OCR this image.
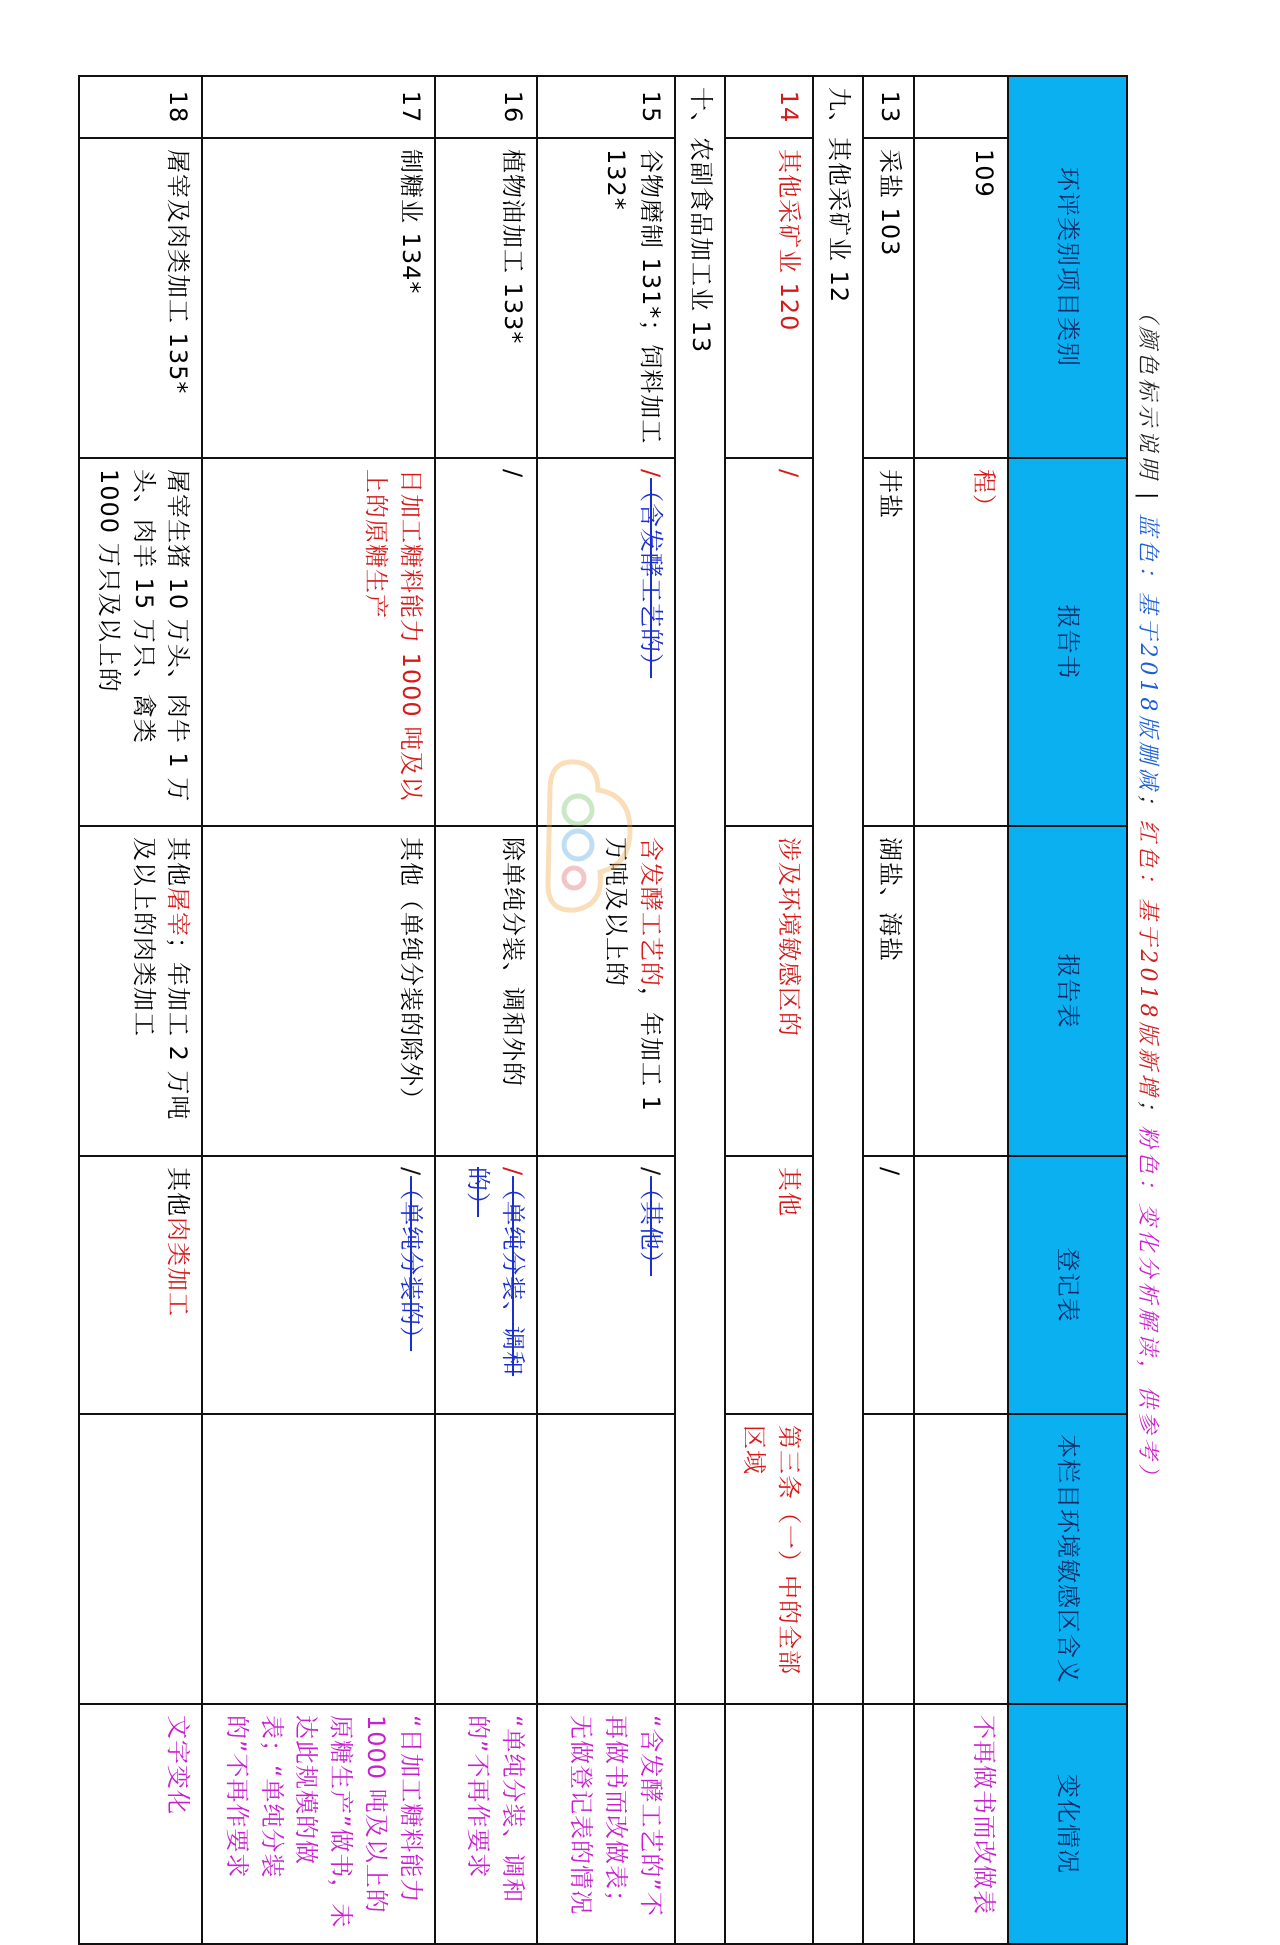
（颜色标示说明|蓝色：基于2018版删减；红色：基于2018版新增；粉色：变化分析解读，供参考）
环评类别项目类别		报告书	报告表	登记表	本栏目环境敏感区含义	变化情况
	109	程）				不再做书而改做表
13	采盐 103	井盐	湖盐、海盐	/		
九、其他采矿业 12						
14	其他采矿业 120	/	涉及环境敏感区的	其他	第三条（一）中的全部区域	
十、农副食品加工业 13						
15	谷物磨制 131*；饲料加工 132*	/（含发酵工艺的）	含发酵工艺的，年加工 1 万吨及以上的	/（其他）		“含发酵工艺的”不再做书而改做表；无做登记表的情况
16	植物油加工 133*	/	除单纯分装、调和外的	/（单纯分装、调和的）		“单纯分装、调和的”不再作要求
17	制糖业 134*	日加工糖料能力 1000 吨及以上的原糖生产	其他（单纯分装的除外）	/（单纯分装的）		“日加工糖料能力 1000 吨及以上的原糖生产”做书，未达此规模的做表；“单纯分装的”不再作要求
18	屠宰及肉类加工 135*	屠宰生猪 10 万头、肉牛 1 万头、肉羊 15 万只、禽类 1000 万只及以上的	其他屠宰；年加工 2 万吨及以上的肉类加工	其他肉类加工		文字变化
